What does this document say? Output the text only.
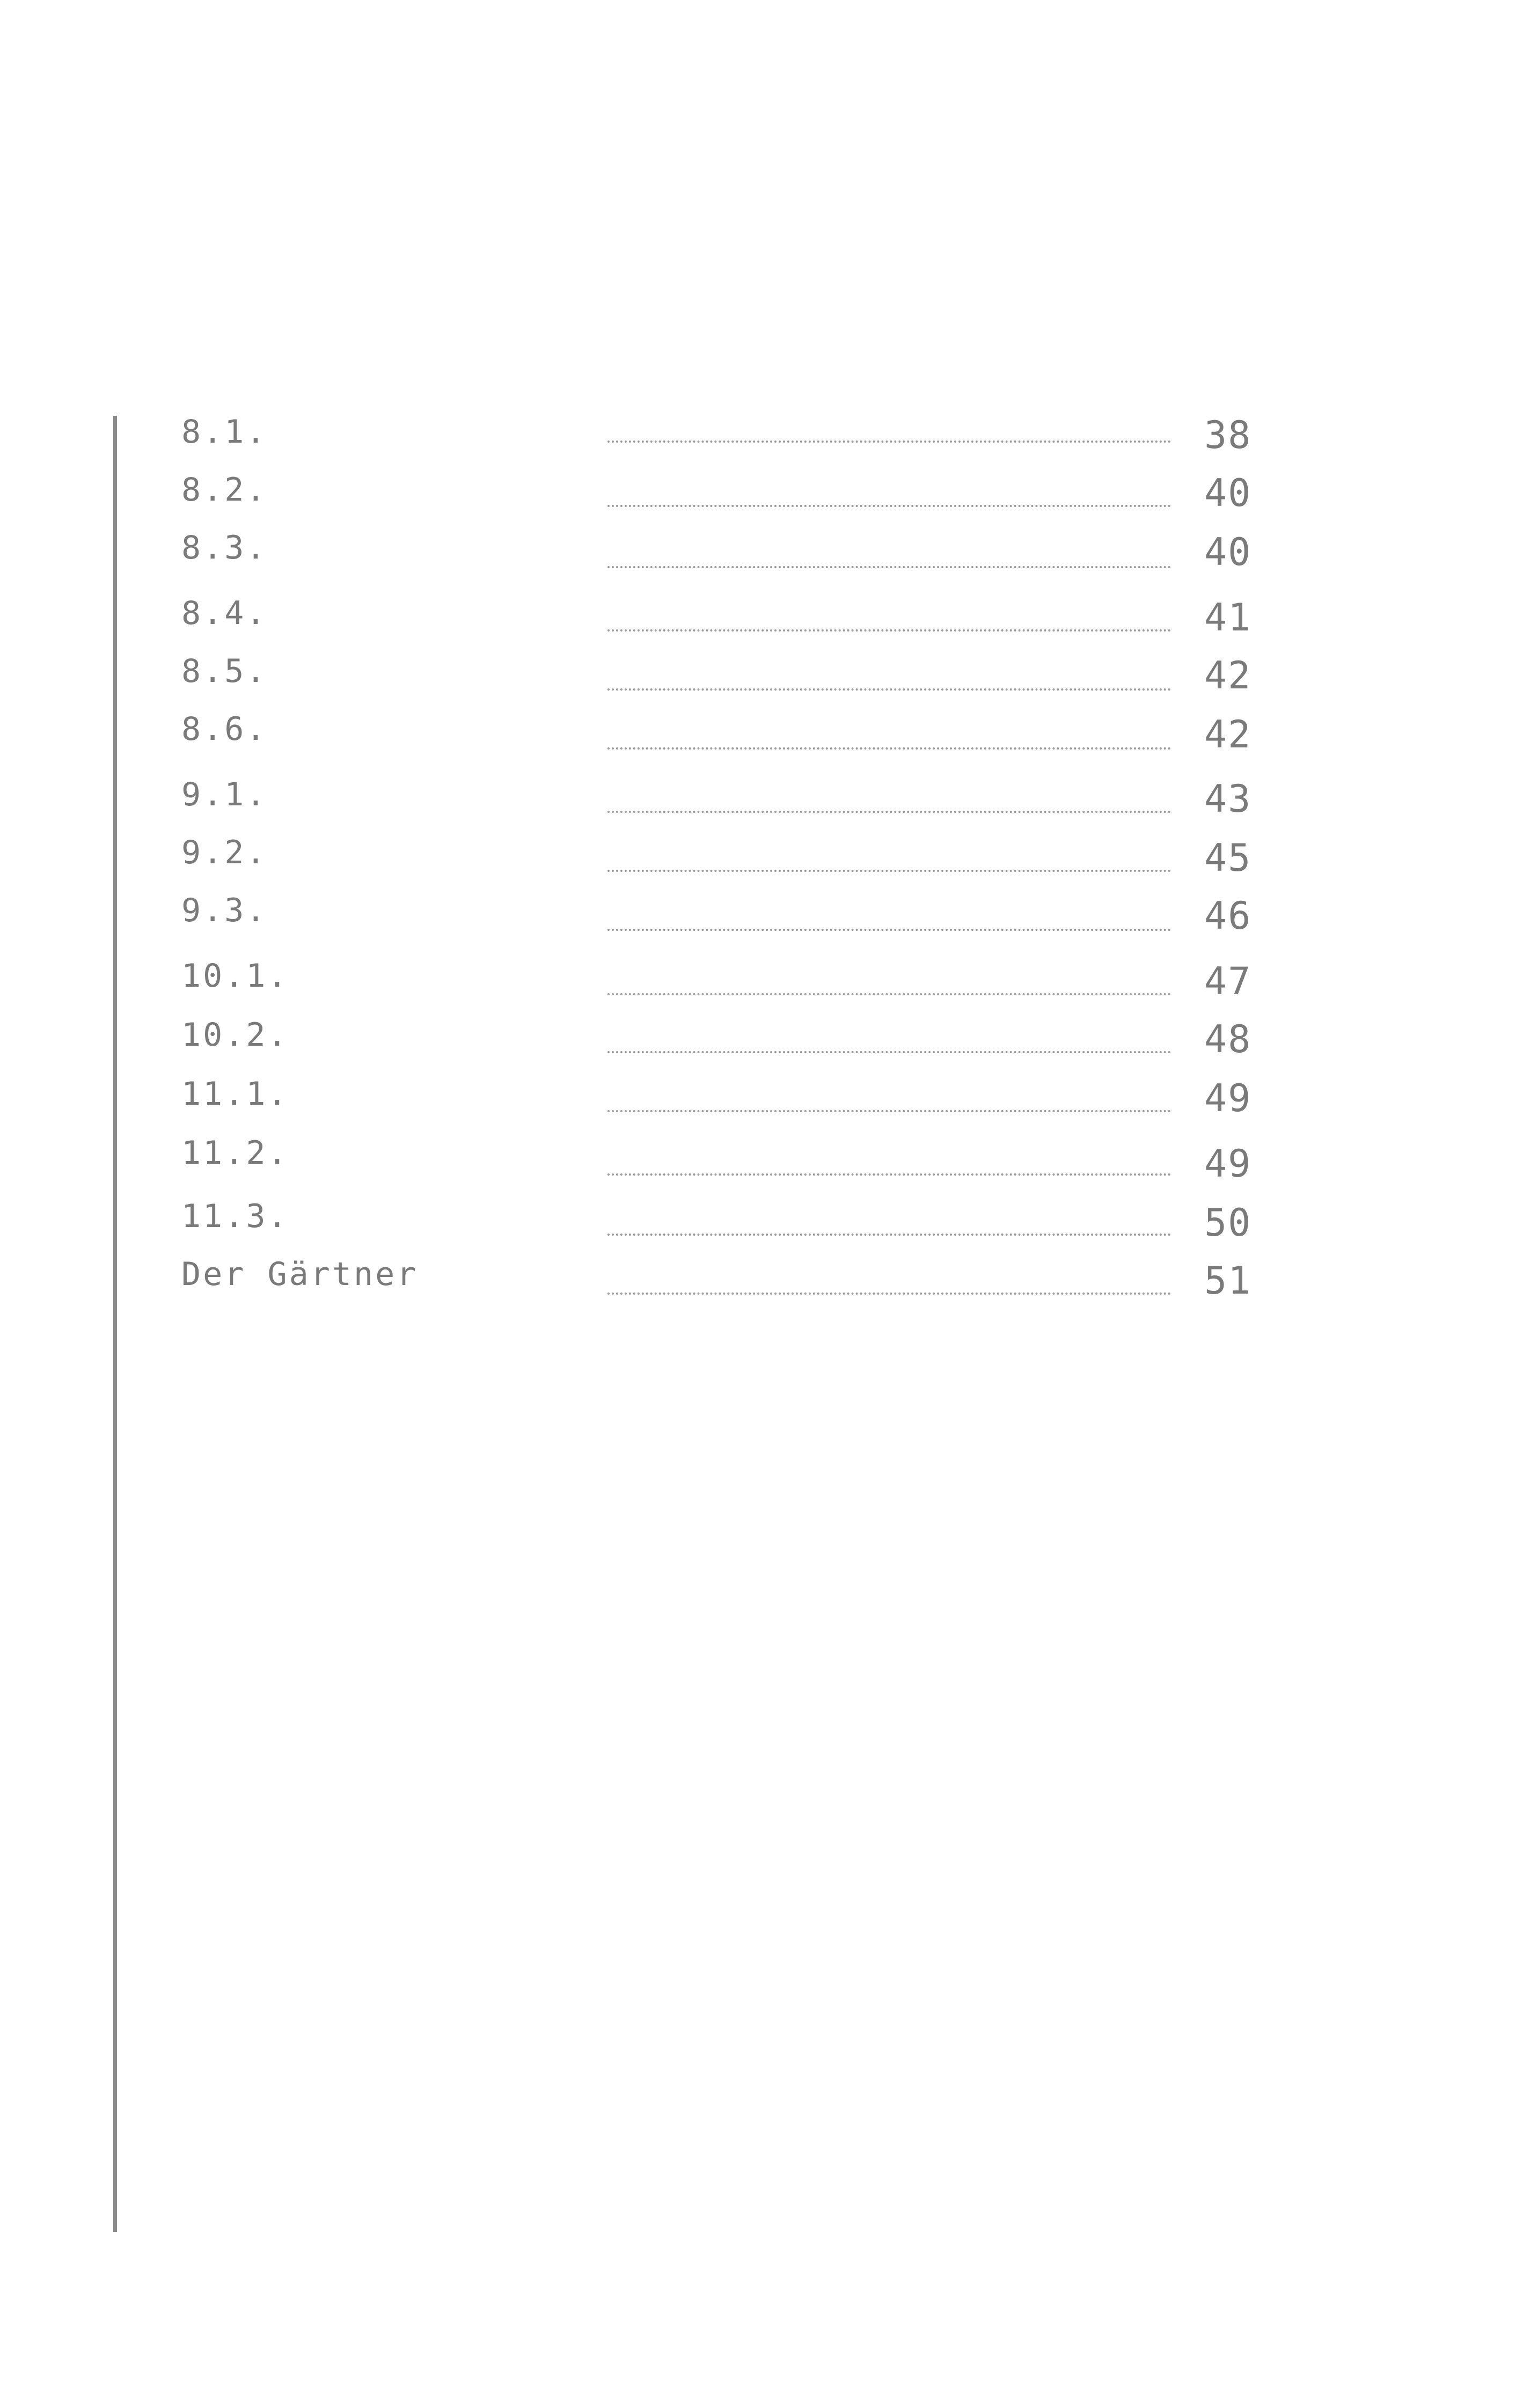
8.1.	38
8.2.	40
8.3.	40
8.4.	41
8.5.	42
8.6.	42
9.1.	43
9.2.	45
9.3.	46
10.1.	47
10.2.	48
11.1.	49
11.2.	49
11.3.	50
Der Gärtner	51
